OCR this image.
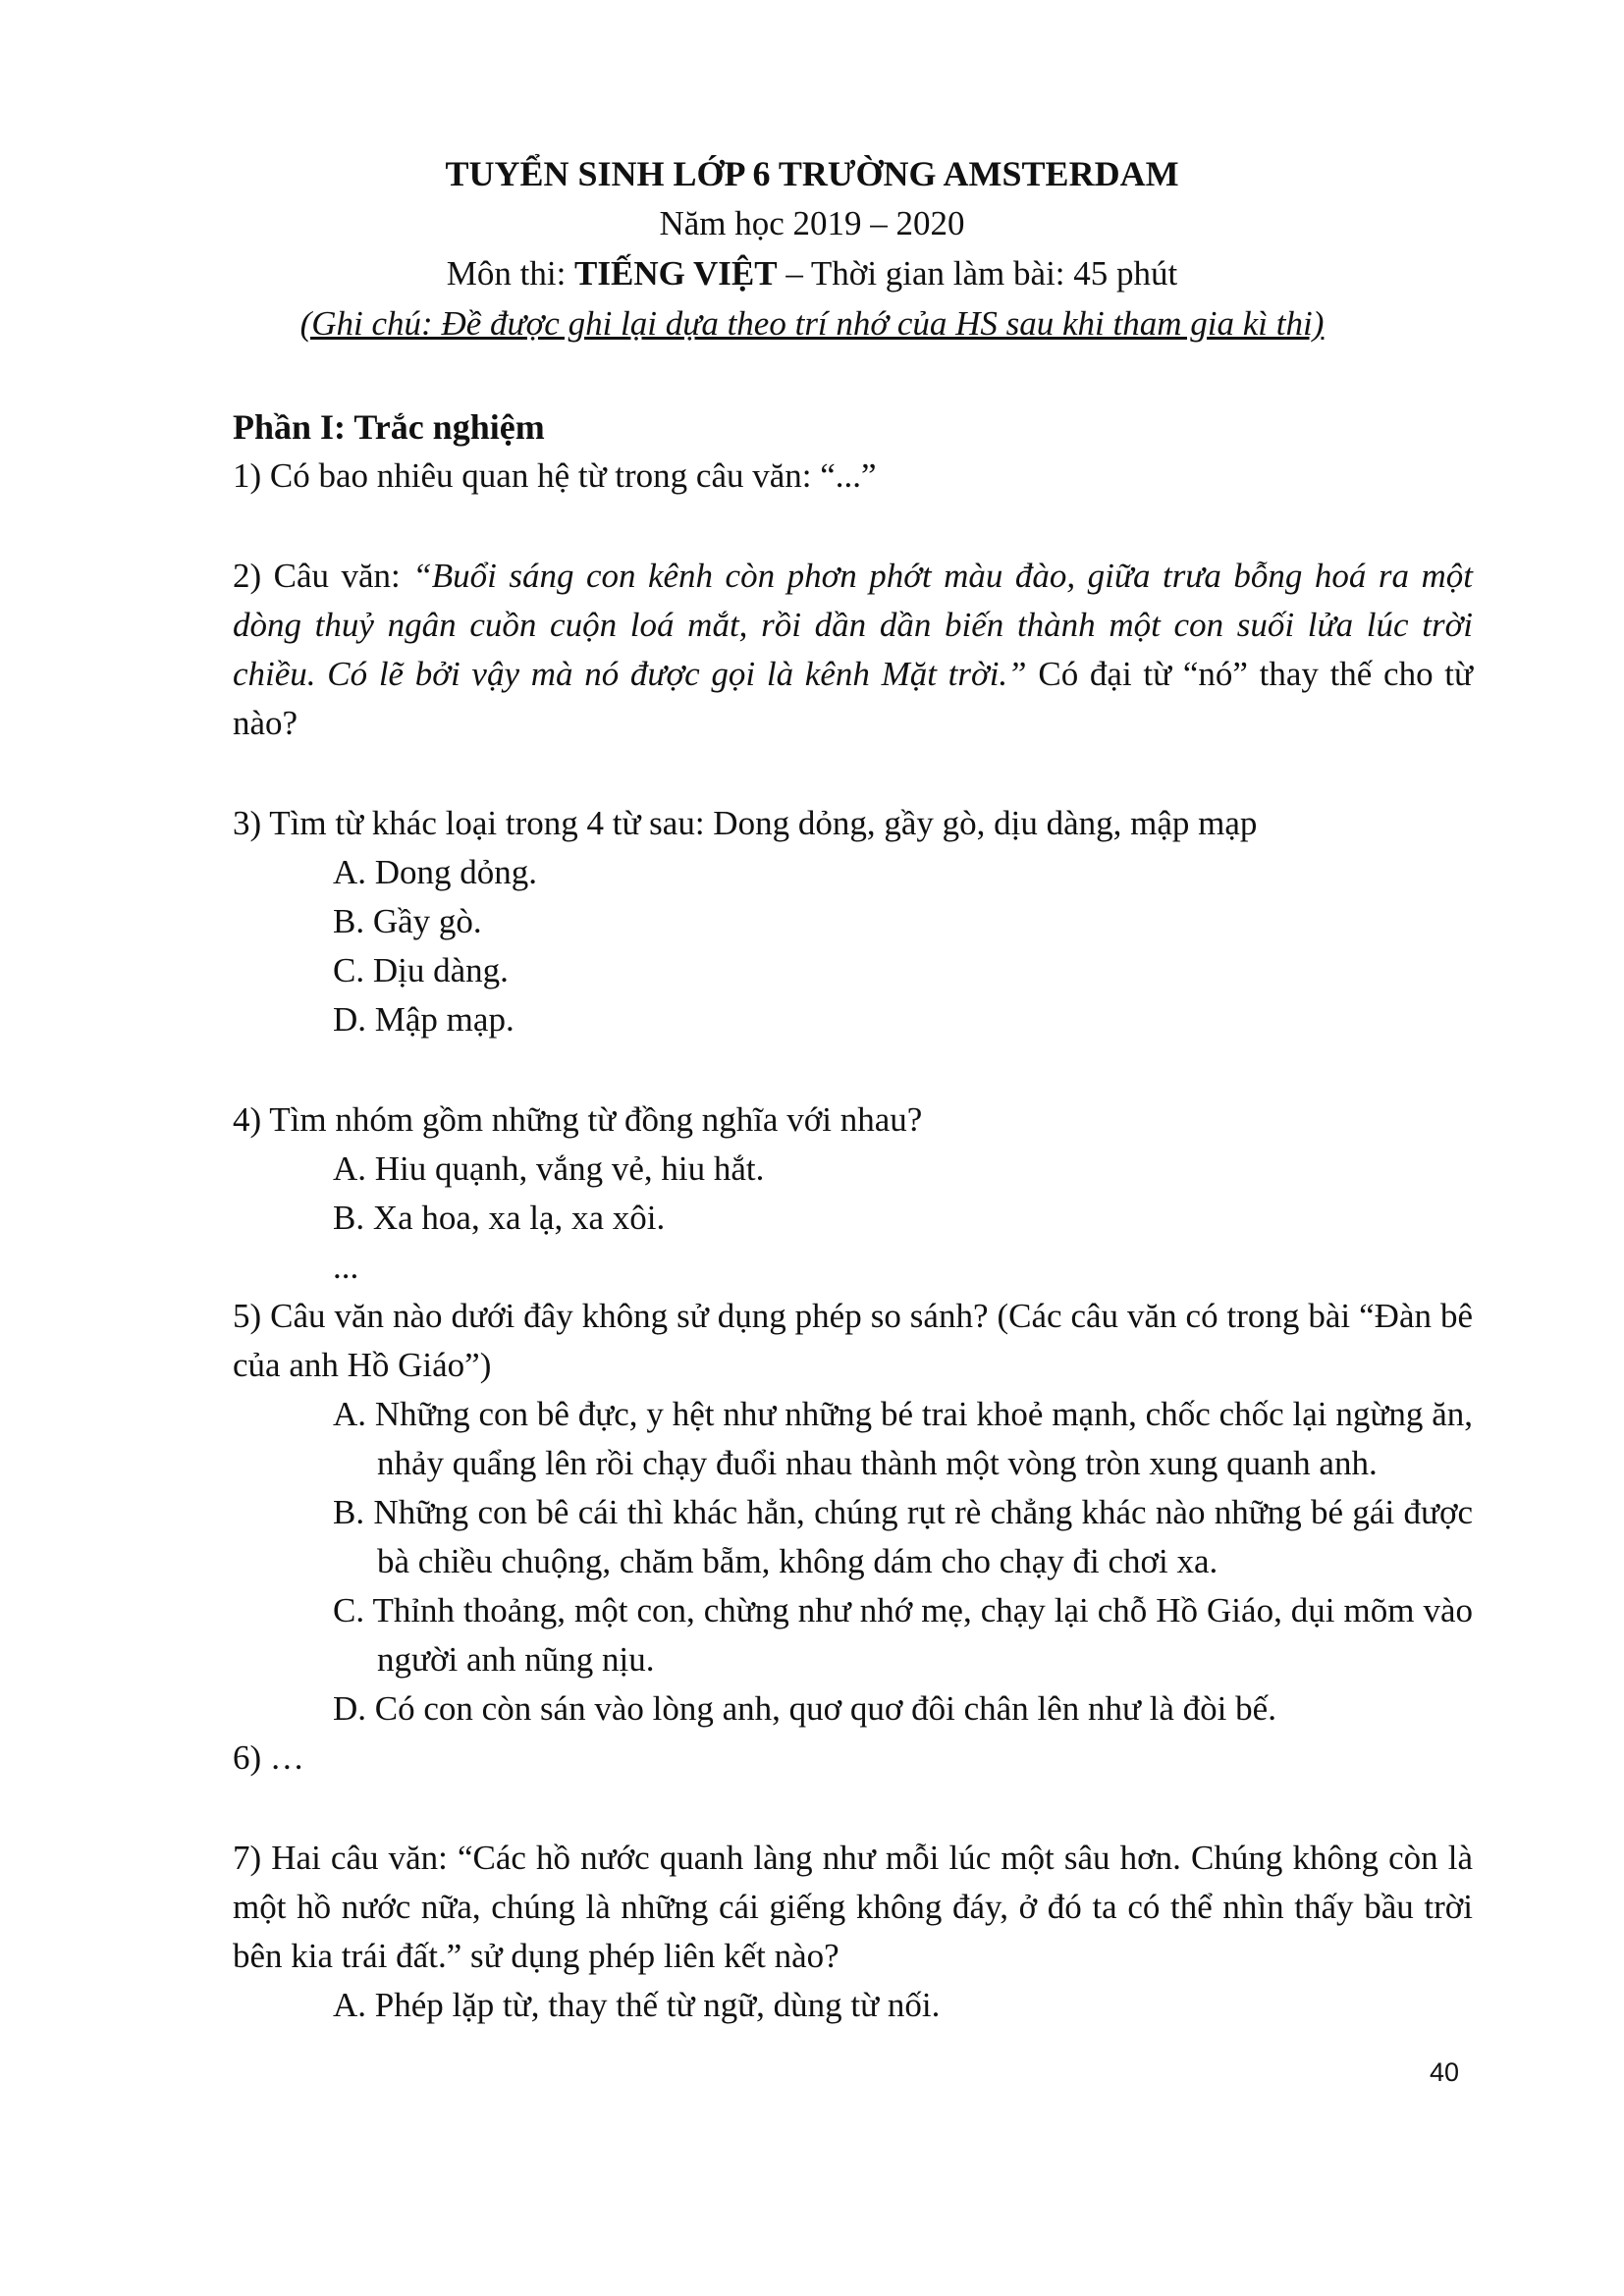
TUYỂN SINH LỚP 6 TRƯỜNG AMSTERDAM
Năm học 2019 – 2020
Môn thi: TIẾNG VIỆT – Thời gian làm bài: 45 phút
(Ghi chú: Đề được ghi lại dựa theo trí nhớ của HS sau khi tham gia kì thi)
Phần I: Trắc nghiệm

1) Có bao nhiêu quan hệ từ trong câu văn: “...”

2) Câu văn: “Buổi sáng con kênh còn phơn phớt màu đào, giữa trưa bỗng hoá ra một dòng thuỷ ngân cuồn cuộn loá mắt, rồi dần dần biến thành một con suối lửa lúc trời chiều. Có lẽ bởi vậy mà nó được gọi là kênh Mặt trời.” Có đại từ “nó” thay thế cho từ nào?

3) Tìm từ khác loại trong 4 từ sau: Dong dỏng, gầy gò, dịu dàng, mập mạp

A. Dong dỏng.

B. Gầy gò.

C. Dịu dàng.

D. Mập mạp.

4) Tìm nhóm gồm những từ đồng nghĩa với nhau?

A. Hiu quạnh, vắng vẻ, hiu hắt.

B. Xa hoa, xa lạ, xa xôi.

...

5) Câu văn nào dưới đây không sử dụng phép so sánh? (Các câu văn có trong bài “Đàn bê của anh Hồ Giáo”)

A. Những con bê đực, y hệt như những bé trai khoẻ mạnh, chốc chốc lại ngừng ăn, nhảy quẩng lên rồi chạy đuổi nhau thành một vòng tròn xung quanh anh.

B. Những con bê cái thì khác hẳn, chúng rụt rè chẳng khác nào những bé gái được bà chiều chuộng, chăm bẵm, không dám cho chạy đi chơi xa.

C. Thỉnh thoảng, một con, chừng như nhớ mẹ, chạy lại chỗ Hồ Giáo, dụi mõm vào người anh nũng nịu.

D. Có con còn sán vào lòng anh, quơ quơ đôi chân lên như là đòi bế.

6) …

7) Hai câu văn: “Các hồ nước quanh làng như mỗi lúc một sâu hơn. Chúng không còn là một hồ nước nữa, chúng là những cái giếng không đáy, ở đó ta có thể nhìn thấy bầu trời bên kia trái đất.” sử dụng phép liên kết nào?

A. Phép lặp từ, thay thế từ ngữ, dùng từ nối.

40
